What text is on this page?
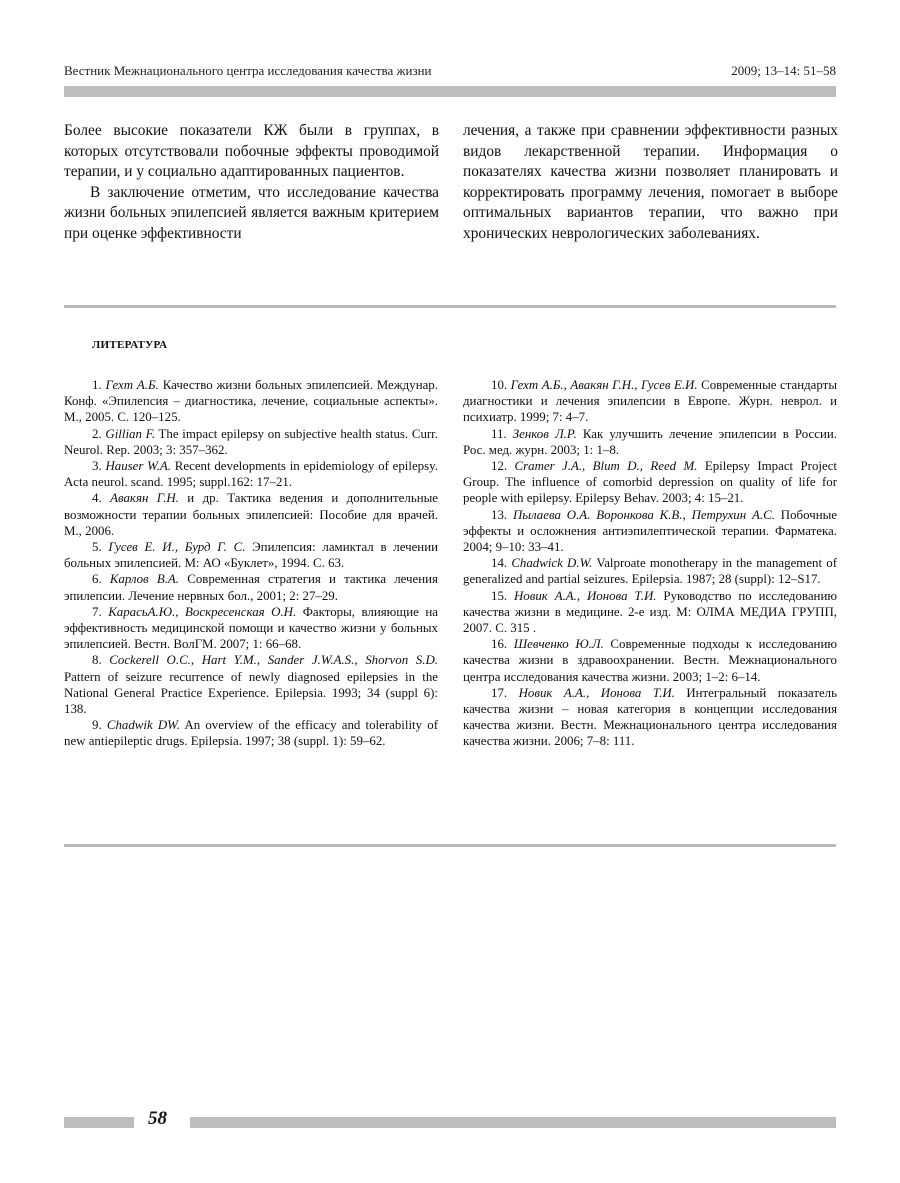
Вестник Межнационального центра исследования качества жизни	2009; 13–14: 51–58

Более высокие показатели КЖ были в группах, в которых отсутствовали побочные эффекты проводимой терапии, и у социально адаптированных пациентов.

В заключение отметим, что исследование качества жизни больных эпилепсией является важным критерием при оценке эффективности

лечения, а также при сравнении эффективности разных видов лекарственной терапии. Информация о показателях качества жизни позволяет планировать и корректировать программу лечения, помогает в выборе оптимальных вариантов терапии, что важно при хронических неврологических заболеваниях.

ЛИТЕРАТУРА

1. Гехт А.Б. Качество жизни больных эпилепсией. Междунар. Конф. «Эпилепсия – диагностика, лечение, социальные аспекты». М., 2005. С. 120–125.

2. Gillian F. The impact epilepsy on subjective health status. Curr. Neurol. Rep. 2003; 3: 357–362.

3. Hauser W.A. Recent developments in epidemiology of epilepsy. Acta neurol. scand. 1995; suppl.162: 17–21.

4. Авакян Г.Н. и др. Тактика ведения и дополнительные возможности терапии больных эпилепсией: Пособие для врачей. М., 2006.

5. Гусев Е. И., Бурд Г. С. Эпилепсия: ламиктал в лечении больных эпилепсией. М: АО «Буклет», 1994. С. 63.

6. Карлов В.А. Современная стратегия и тактика лечения эпилепсии. Лечение нервных бол., 2001; 2: 27–29.

7. КарасьА.Ю., Воскресенская О.Н. Факторы, влияющие на эффективность медицинской помощи и качество жизни у больных эпилепсией. Вестн. ВолГМ. 2007; 1: 66–68.

8. Cockerell O.C., Hart Y.M., Sander J.W.A.S., Shorvon S.D. Pattern of seizure recurrence of newly diagnosed epilepsies in the National General Practice Experience. Epilepsia. 1993; 34 (suppl 6): 138.

9. Chadwik DW. An overview of the efficacy and tolerability of new antiepileptic drugs. Epilepsia. 1997; 38 (suppl. 1): 59–62.

10. Гехт А.Б., Авакян Г.Н., Гусев Е.И. Современные стандарты диагностики и лечения эпилепсии в Европе. Журн. неврол. и психиатр. 1999; 7: 4–7.

11. Зенков Л.Р. Как улучшить лечение эпилепсии в России. Рос. мед. журн. 2003; 1: 1–8.

12. Cramer J.A., Blum D., Reed M. Epilepsy Impact Project Group. The influence of comorbid depression on quality of life for people with epilepsy. Epilepsy Behav. 2003; 4: 15–21.

13. Пылаева О.А. Воронкова К.В., Петрухин А.С. Побочные эффекты и осложнения антиэпилептической терапии. Фарматека. 2004; 9–10: 33–41.

14. Chadwick D.W. Valproate monotherapy in the management of generalized and partial seizures. Epilepsia. 1987; 28 (suppl): 12–S17.

15. Новик А.А., Ионова Т.И. Руководство по исследованию качества жизни в медицине. 2-е изд. М: ОЛМА МЕДИА ГРУПП, 2007. С. 315 .

16. Шевченко Ю.Л. Современные подходы к исследованию качества жизни в здравоохранении. Вестн. Межнационального центра исследования качества жизни. 2003; 1–2: 6–14.

17. Новик А.А., Ионова Т.И. Интегральный показатель качества жизни – новая категория в концепции исследования качества жизни. Вестн. Межнационального центра исследования качества жизни. 2006; 7–8: 111.

58
